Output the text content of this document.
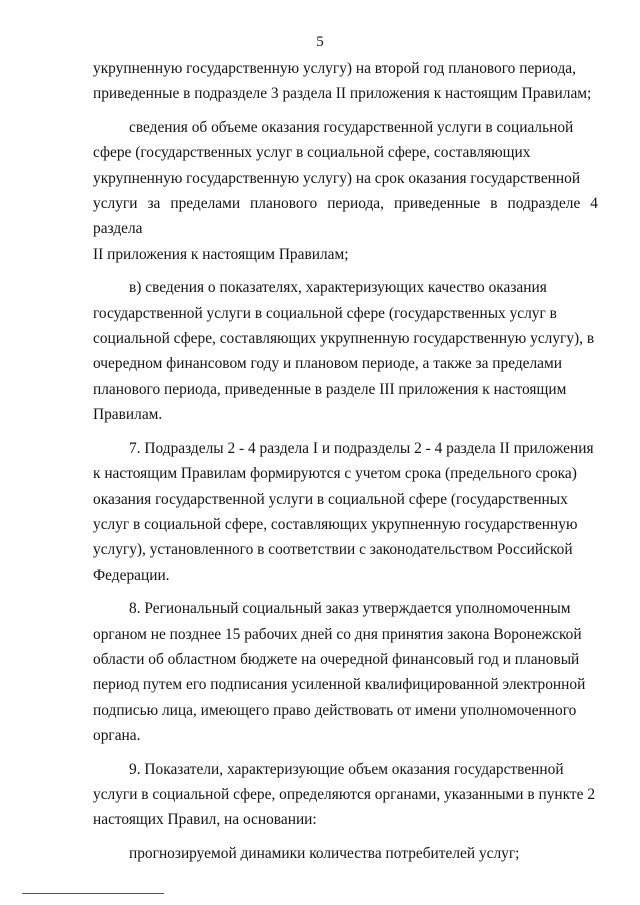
5

укрупненную государственную услугу) на второй год планового периода,
приведенные в подразделе 3 раздела II приложения к настоящим Правилам;

сведения об объеме оказания государственной услуги в социальной
сфере (государственных услуг в социальной сфере, составляющих
укрупненную государственную услугу) на срок оказания государственной
услуги за пределами планового периода, приведенные в подразделе 4 раздела
II приложения к настоящим Правилам;

в) сведения о показателях, характеризующих качество оказания
государственной услуги в социальной сфере (государственных услуг в
социальной сфере, составляющих укрупненную государственную услугу), в
очередном финансовом году и плановом периоде, а также за пределами
планового периода, приведенные в разделе III приложения к настоящим
Правилам.

7. Подразделы 2 - 4 раздела I и подразделы 2 - 4 раздела II приложения
к настоящим Правилам формируются с учетом срока (предельного срока)
оказания государственной услуги в социальной сфере (государственных
услуг в социальной сфере, составляющих укрупненную государственную
услугу), установленного в соответствии с законодательством Российской
Федерации.

8. Региональный социальный заказ утверждается уполномоченным
органом не позднее 15 рабочих дней со дня принятия закона Воронежской
области об областном бюджете на очередной финансовый год и плановый
период путем его подписания усиленной квалифицированной электронной
подписью лица, имеющего право действовать от имени уполномоченного
органа.

9. Показатели, характеризующие объем оказания государственной
услуги в социальной сфере, определяются органами, указанными в пункте 2
настоящих Правил, на основании:

прогнозируемой динамики количества потребителей услуг;
